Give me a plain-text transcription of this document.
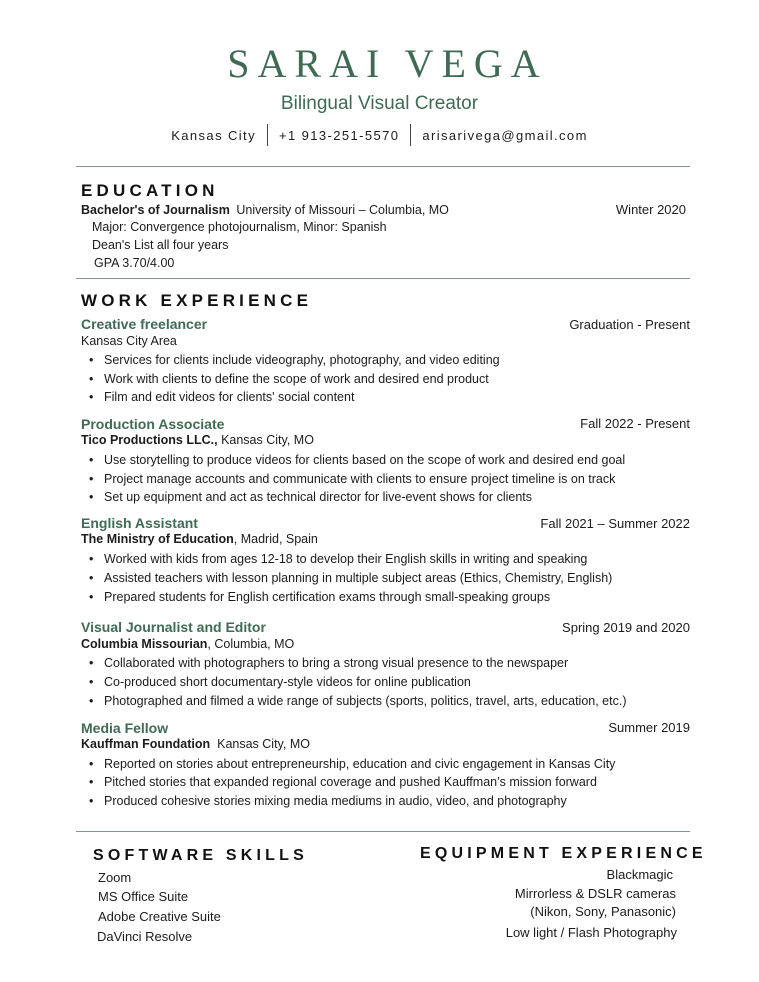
SARAI VEGA
Bilingual Visual Creator
Kansas City +1 913-251-5570 arisarivega@gmail.com
EDUCATION
Bachelor's of Journalism University of Missouri – Columbia, MO	Winter 2020
Major: Convergence photojournalism, Minor: Spanish
Dean's List all four years
GPA 3.70/4.00
WORK EXPERIENCE
Creative freelancer	Graduation - Present
Kansas City Area
• Services for clients include videography, photography, and video editing
• Work with clients to define the scope of work and desired end product
• Film and edit videos for clients' social content
Production Associate	Fall 2022 - Present
Tico Productions LLC., Kansas City, MO
• Use storytelling to produce videos for clients based on the scope of work and desired end goal
• Project manage accounts and communicate with clients to ensure project timeline is on track
• Set up equipment and act as technical director for live-event shows for clients
English Assistant	Fall 2021 – Summer 2022
The Ministry of Education, Madrid, Spain
• Worked with kids from ages 12-18 to develop their English skills in writing and speaking
• Assisted teachers with lesson planning in multiple subject areas (Ethics, Chemistry, English)
• Prepared students for English certification exams through small-speaking groups
Visual Journalist and Editor	Spring 2019 and 2020
Columbia Missourian, Columbia, MO
• Collaborated with photographers to bring a strong visual presence to the newspaper
• Co-produced short documentary-style videos for online publication
• Photographed and filmed a wide range of subjects (sports, politics, travel, arts, education, etc.)
Media Fellow	Summer 2019
Kauffman Foundation  Kansas City, MO
• Reported on stories about entrepreneurship, education and civic engagement in Kansas City
• Pitched stories that expanded regional coverage and pushed Kauffman’s mission forward
• Produced cohesive stories mixing media mediums in audio, video, and photography
SOFTWARE SKILLS
Zoom
MS Office Suite
Adobe Creative Suite
DaVinci Resolve
EQUIPMENT EXPERIENCE
Blackmagic
Mirrorless & DSLR cameras
(Nikon, Sony, Panasonic)
Low light / Flash Photography
